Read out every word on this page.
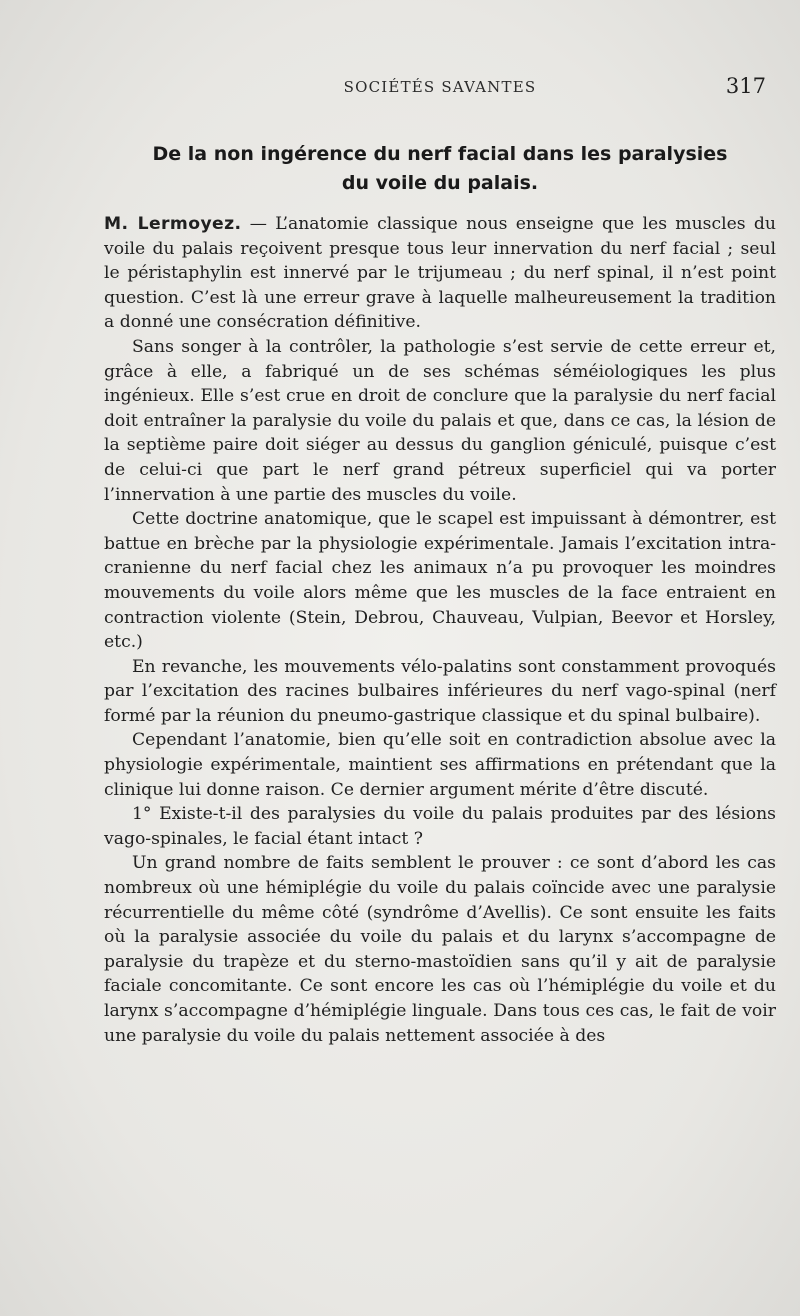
SOCIÉTÉS SAVANTES	317
De la non ingérence du nerf facial dans les paralysies
du voile du palais.

M. Lermoyez. — L’anatomie classique nous enseigne que les muscles du voile du palais reçoivent presque tous leur innervation du nerf facial ; seul le péristaphylin est innervé par le trijumeau ; du nerf spinal, il n’est point question. C’est là une erreur grave à laquelle malheureusement la tradition a donné une consécration définitive.

Sans songer à la contrôler, la pathologie s’est servie de cette erreur et, grâce à elle, a fabriqué un de ses schémas séméiologiques les plus ingénieux. Elle s’est crue en droit de conclure que la paralysie du nerf facial doit entraîner la paralysie du voile du palais et que, dans ce cas, la lésion de la septième paire doit siéger au dessus du ganglion géniculé, puisque c’est de celui-ci que part le nerf grand pétreux superficiel qui va porter l’innervation à une partie des muscles du voile.

Cette doctrine anatomique, que le scapel est impuissant à démontrer, est battue en brèche par la physiologie expérimentale. Jamais l’excitation intra-cranienne du nerf facial chez les animaux n’a pu provoquer les moindres mouvements du voile alors même que les muscles de la face entraient en contraction violente (Stein, Debrou, Chauveau, Vulpian, Beevor et Horsley, etc.)

En revanche, les mouvements vélo-palatins sont constamment provoqués par l’excitation des racines bulbaires inférieures du nerf vago-spinal (nerf formé par la réunion du pneumo-gastrique classique et du spinal bulbaire).

Cependant l’anatomie, bien qu’elle soit en contradiction absolue avec la physiologie expérimentale, maintient ses affirmations en prétendant que la clinique lui donne raison. Ce dernier argument mérite d’être discuté.

1° Existe-t-il des paralysies du voile du palais produites par des lésions vago-spinales, le facial étant intact ?

Un grand nombre de faits semblent le prouver : ce sont d’abord les cas nombreux où une hémiplégie du voile du palais coïncide avec une paralysie récurrentielle du même côté (syndrôme d’Avellis). Ce sont ensuite les faits où la paralysie associée du voile du palais et du larynx s’accompagne de paralysie du trapèze et du sterno-mastoïdien sans qu’il y ait de paralysie faciale concomitante. Ce sont encore les cas où l’hémiplégie du voile et du larynx s’accompagne d’hémiplégie linguale. Dans tous ces cas, le fait de voir une paralysie du voile du palais nettement associée à des
